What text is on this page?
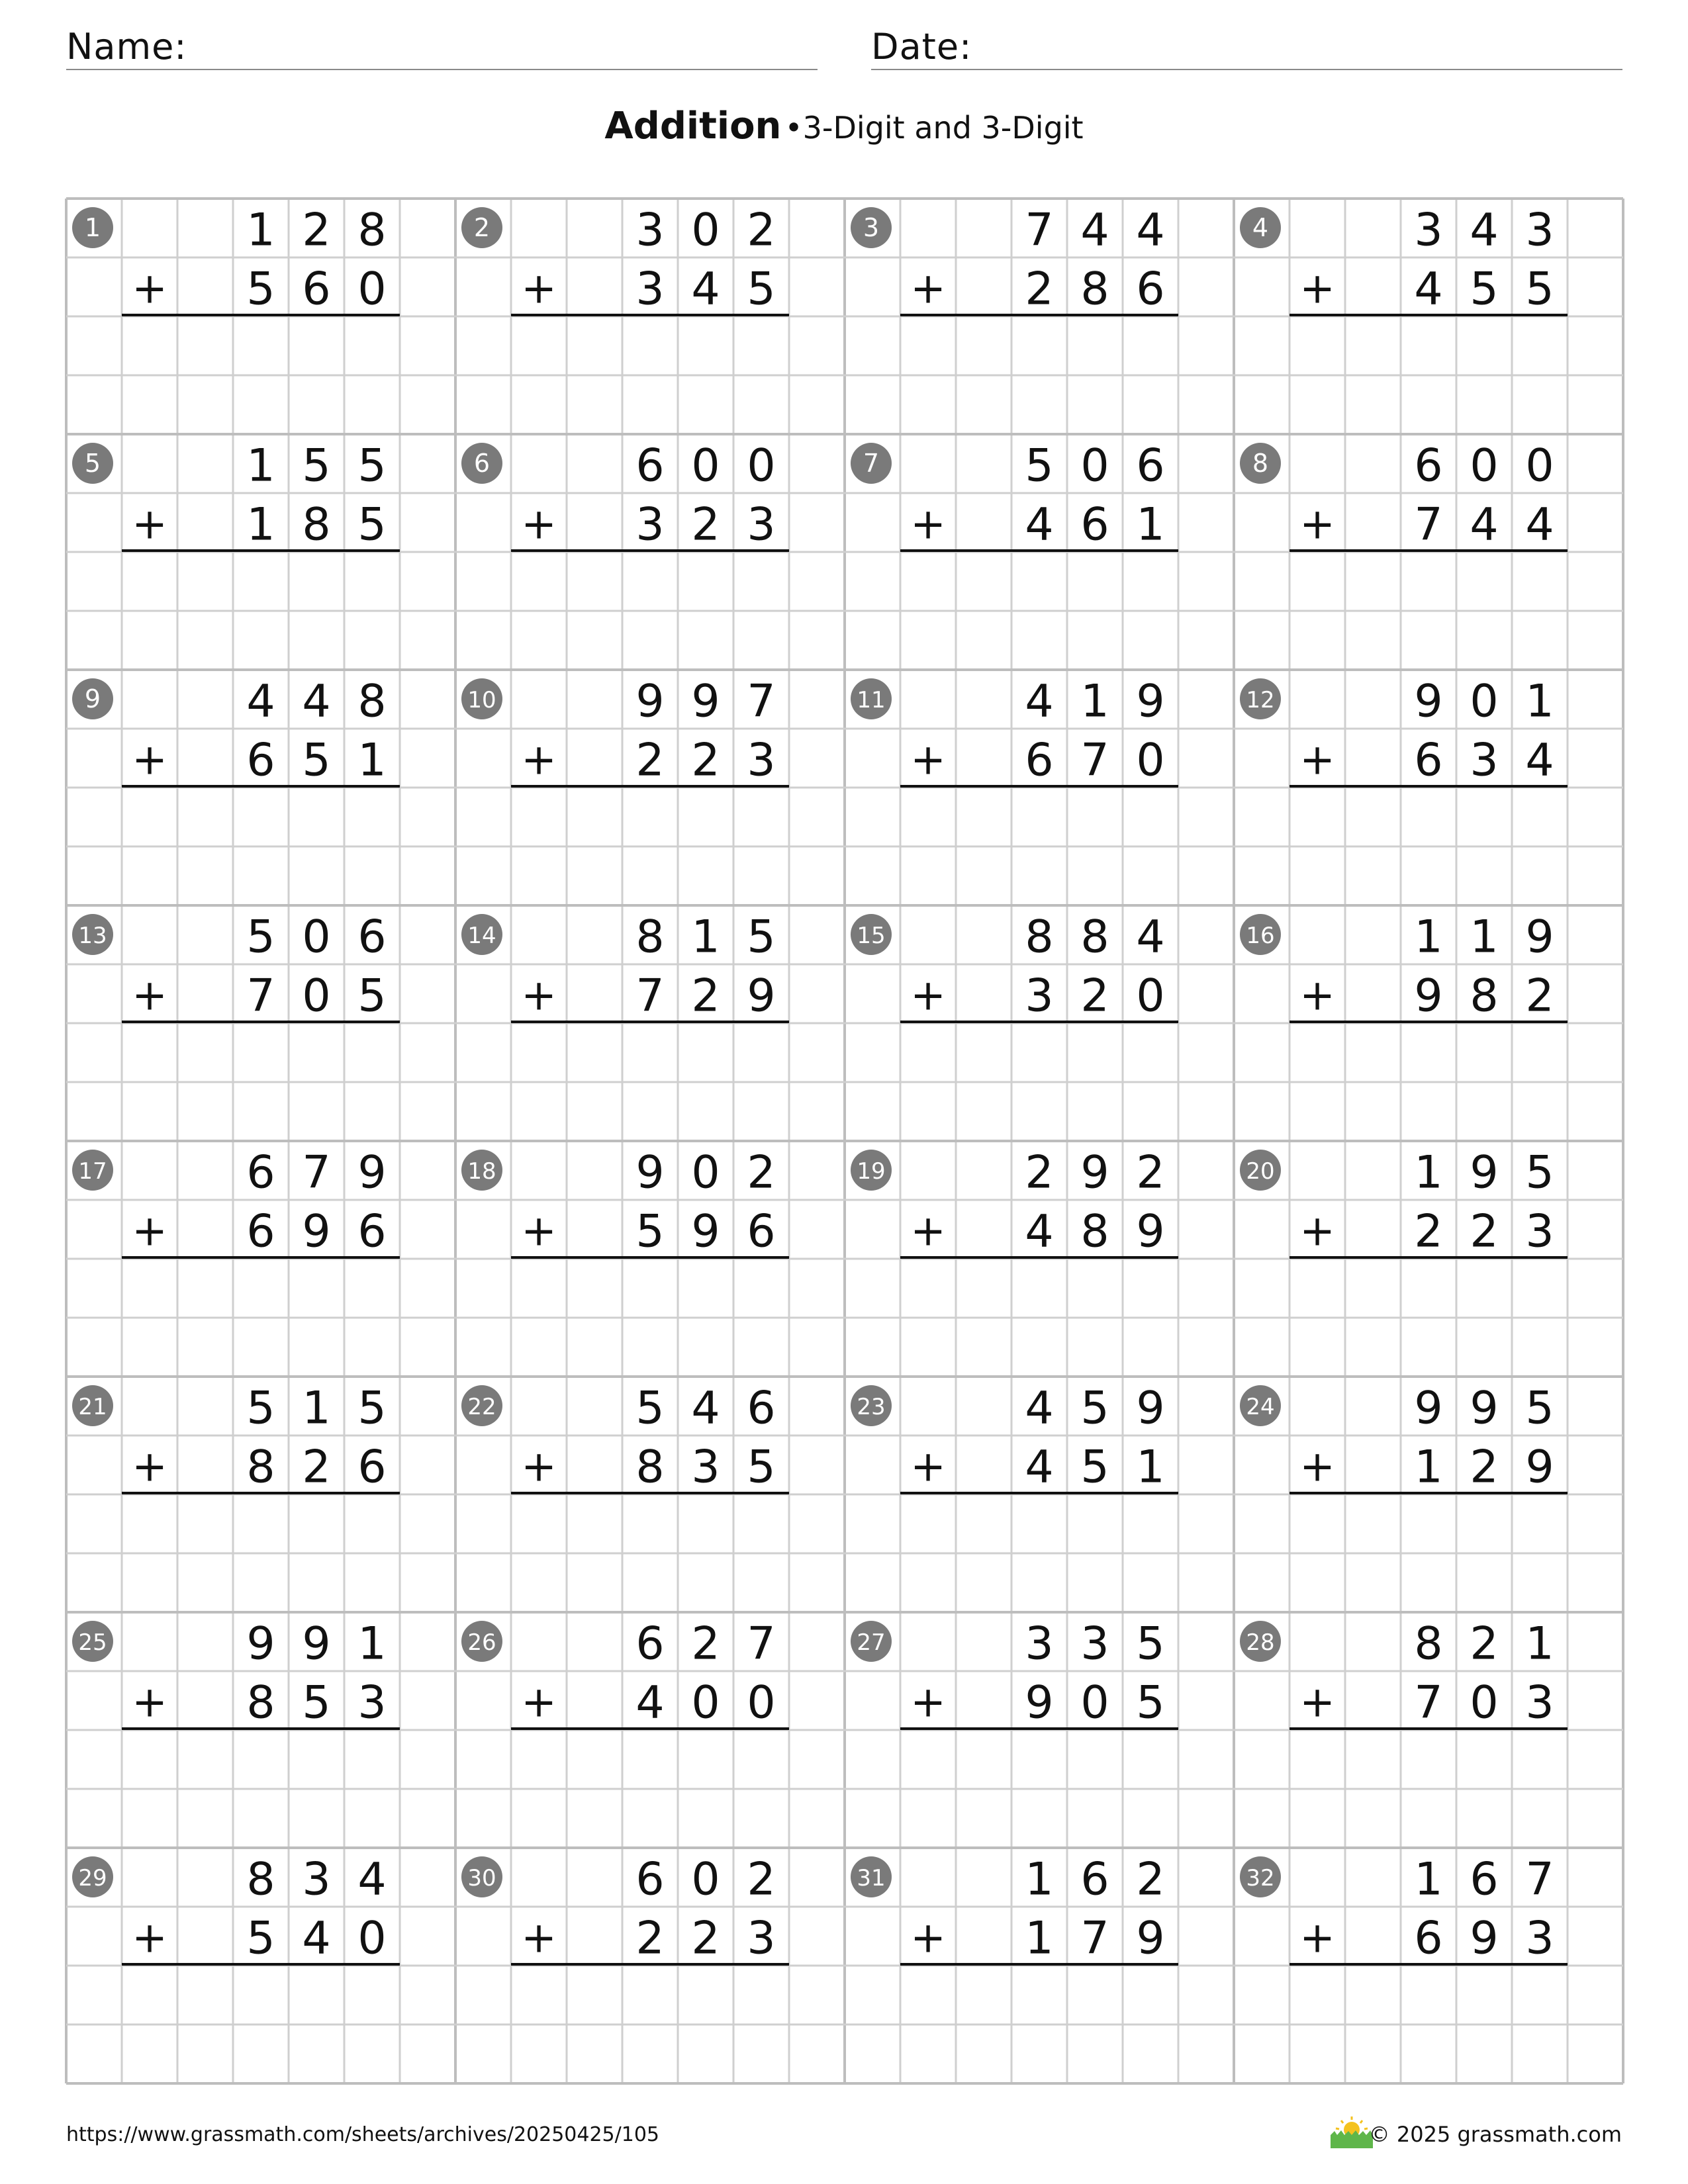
Name:	Date:
Addition •3-Digit and 3-Digit
1	1 2 8
+ 5 6 0
2	3 0 2
+ 3 4 5
3	7 4 4
+ 2 8 6
4	3 4 3
+ 4 5 5
5	1 5 5
+ 1 8 5
6	6 0 0
+ 3 2 3
7	5 0 6
+ 4 6 1
8	6 0 0
+ 7 4 4
9	4 4 8
+ 6 5 1
10	9 9 7
+ 2 2 3
11	4 1 9
+ 6 7 0
12	9 0 1
+ 6 3 4
13	5 0 6
+ 7 0 5
14	8 1 5
+ 7 2 9
15	8 8 4
+ 3 2 0
16	1 1 9
+ 9 8 2
17	6 7 9
+ 6 9 6
18	9 0 2
+ 5 9 6
19	2 9 2
+ 4 8 9
20	1 9 5
+ 2 2 3
21	5 1 5
+ 8 2 6
22	5 4 6
+ 8 3 5
23	4 5 9
+ 4 5 1
24	9 9 5
+ 1 2 9
25	9 9 1
+ 8 5 3
26	6 2 7
+ 4 0 0
27	3 3 5
+ 9 0 5
28	8 2 1
+ 7 0 3
29	8 3 4
+ 5 4 0
30	6 0 2
+ 2 2 3
31	1 6 2
+ 1 7 9
32	1 6 7
+ 6 9 3
https://www.grassmath.com/sheets/archives/20250425/105	© 2025 grassmath.com
